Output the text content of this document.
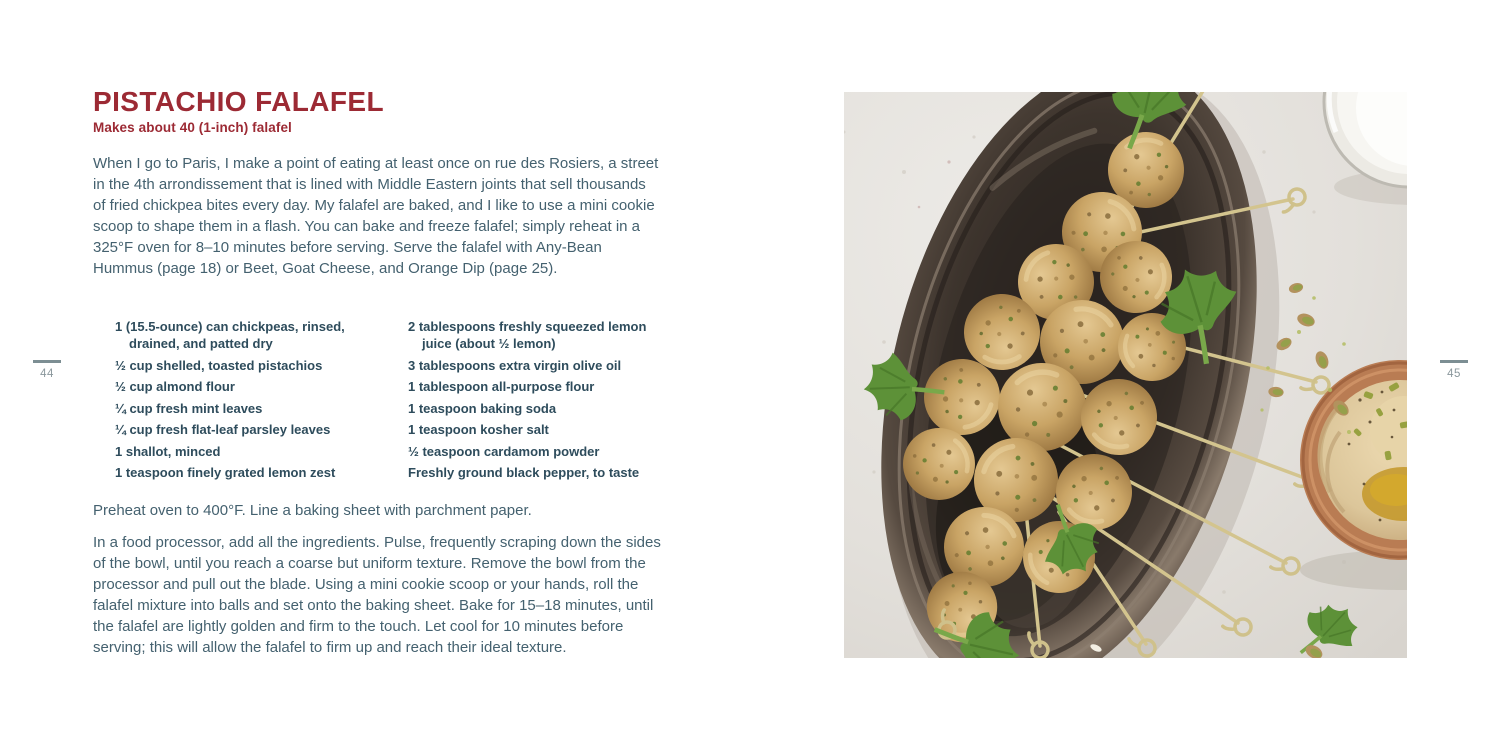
44	45
PISTACHIO FALAFEL

Makes about 40 (1-inch) falafel

When I go to Paris, I make a point of eating at least once on rue des Rosiers, a street in the 4th arrondissement that is lined with Middle Eastern joints that sell thousands of fried chickpea bites every day. My falafel are baked, and I like to use a mini cookie scoop to shape them in a flash. You can bake and freeze falafel; simply reheat in a 325°F oven for 8–10 minutes before serving. Serve the falafel with Any-Bean Hummus (page 18) or Beet, Goat Cheese, and Orange Dip (page 25).

1 (15.5-ounce) can chickpeas, rinsed, drained, and patted dry
½ cup shelled, toasted pistachios
½ cup almond flour
¼ cup fresh mint leaves
¼ cup fresh flat-leaf parsley leaves
1 shallot, minced
1 teaspoon finely grated lemon zest
2 tablespoons freshly squeezed lemon juice (about ½ lemon)
3 tablespoons extra virgin olive oil
1 tablespoon all-purpose flour
1 teaspoon baking soda
1 teaspoon kosher salt
½ teaspoon cardamom powder
Freshly ground black pepper, to taste

Preheat oven to 400°F. Line a baking sheet with parchment paper.

In a food processor, add all the ingredients. Pulse, frequently scraping down the sides of the bowl, until you reach a coarse but uniform texture. Remove the bowl from the processor and pull out the blade. Using a mini cookie scoop or your hands, roll the falafel mixture into balls and set onto the baking sheet. Bake for 15–18 minutes, until the falafel are lightly golden and firm to the touch. Let cool for 10 minutes before serving; this will allow the falafel to firm up and reach their ideal texture.
